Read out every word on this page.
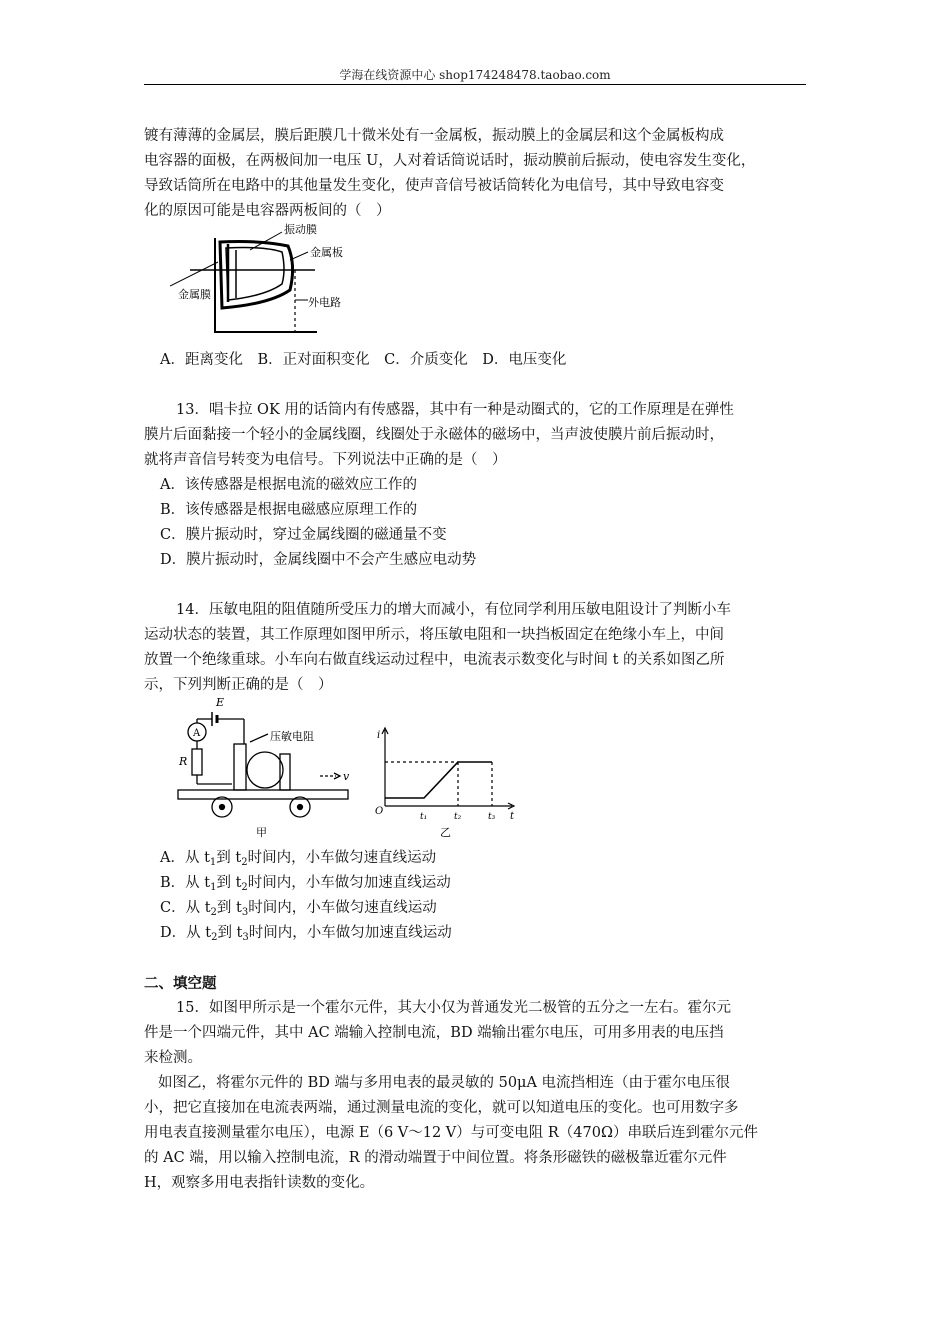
学海在线资源中心 shop174248478.taobao.com
镀有薄薄的金属层，膜后距膜几十微米处有一金属板，振动膜上的金属层和这个金属板构成
电容器的面极，在两极间加一电压 U，人对着话筒说话时，振动膜前后振动，使电容发生变化，
导致话筒所在电路中的其他量发生变化，使声音信号被话筒转化为电信号，其中导致电容变
化的原因可能是电容器两板间的（　）
振动膜
金属板
金属膜
外电路
A．距离变化　B．正对面积变化　C．介质变化　D．电压变化
13．唱卡拉 OK 用的话筒内有传感器，其中有一种是动圈式的，它的工作原理是在弹性
膜片后面黏接一个轻小的金属线圈，线圈处于永磁体的磁场中，当声波使膜片前后振动时，
就将声音信号转变为电信号。下列说法中正确的是（　）
A．该传感器是根据电流的磁效应工作的
B．该传感器是根据电磁感应原理工作的
C．膜片振动时，穿过金属线圈的磁通量不变
D．膜片振动时，金属线圈中不会产生感应电动势
14．压敏电阻的阻值随所受压力的增大而减小，有位同学利用压敏电阻设计了判断小车
运动状态的装置，其工作原理如图甲所示，将压敏电阻和一块挡板固定在绝缘小车上，中间
放置一个绝缘重球。小车向右做直线运动过程中，电流表示数变化与时间 t 的关系如图乙所
示，下列判断正确的是（　）
E
A
R
压敏电阻
v
甲
i
O	t
t₁	t₂	t₃
乙
A．从 $t_1$到 $t_2$时间内，小车做匀速直线运动
B．从 $t_1$到 $t_2$时间内，小车做匀加速直线运动
C．从 $t_2$到 $t_3$时间内，小车做匀速直线运动
D．从 $t_2$到 $t_3$时间内，小车做匀加速直线运动
二、填空题
15．如图甲所示是一个霍尔元件，其大小仅为普通发光二极管的五分之一左右。霍尔元
件是一个四端元件，其中 AC 端输入控制电流，BD 端输出霍尔电压，可用多用表的电压挡
来检测。
如图乙，将霍尔元件的 BD 端与多用电表的最灵敏的 50μA 电流挡相连（由于霍尔电压很
小，把它直接加在电流表两端，通过测量电流的变化，就可以知道电压的变化。也可用数字多
用电表直接测量霍尔电压），电源 E（6 V～12 V）与可变电阻 R（470Ω）串联后连到霍尔元件
的 AC 端，用以输入控制电流，R 的滑动端置于中间位置。将条形磁铁的磁极靠近霍尔元件
H，观察多用电表指针读数的变化。
